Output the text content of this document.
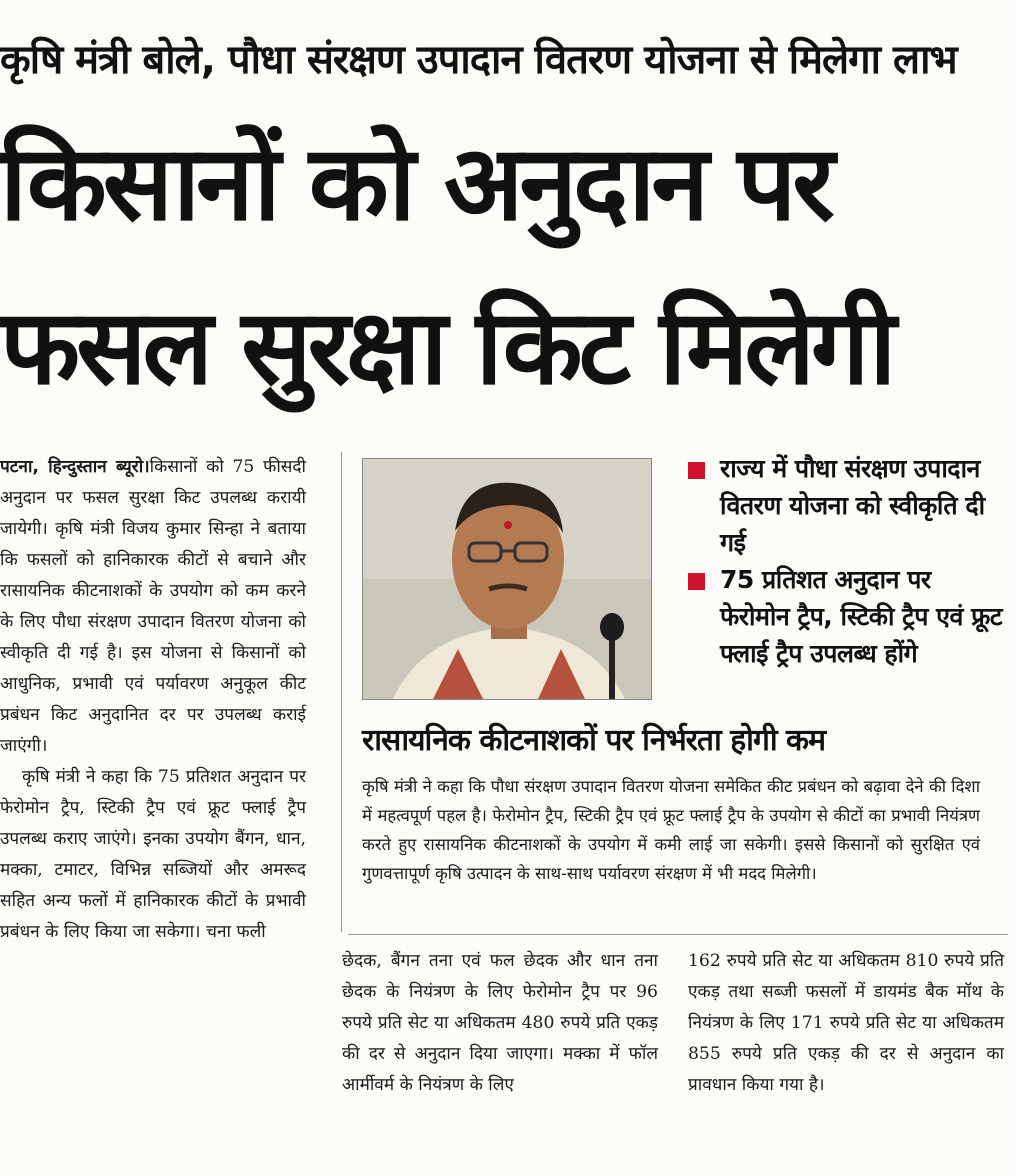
कृषि मंत्री बोले, पौधा संरक्षण उपादान वितरण योजना से मिलेगा लाभ
किसानों को अनुदान पर
फसल सुरक्षा किट मिलेगी

पटना, हिन्दुस्तान ब्यूरो।किसानों को 75 फीसदी अनुदान पर फसल सुरक्षा किट उपलब्ध करायी जायेगी। कृषि मंत्री विजय कुमार सिन्हा ने बताया कि फसलों को हानिकारक कीटों से बचाने और रासायनिक कीटनाशकों के उपयोग को कम करने के लिए पौधा संरक्षण उपादान वितरण योजना को स्वीकृति दी गई है। इस योजना से किसानों को आधुनिक, प्रभावी एवं पर्यावरण अनुकूल कीट प्रबंधन किट अनुदानित दर पर उपलब्ध कराई जाएंगी।

कृषि मंत्री ने कहा कि 75 प्रतिशत अनुदान पर फेरोमोन ट्रैप, स्टिकी ट्रैप एवं फ्रूट फ्लाई ट्रैप उपलब्ध कराए जाएंगे। इनका उपयोग बैंगन, धान, मक्का, टमाटर, विभिन्न सब्जियों और अमरूद सहित अन्य फलों में हानिकारक कीटों के प्रभावी प्रबंधन के लिए किया जा सकेगा। चना फली

राज्य में पौधा संरक्षण उपादान वितरण योजना को स्वीकृति दी गई
75 प्रतिशत अनुदान पर फेरोमोन ट्रैप, स्टिकी ट्रैप एवं फ्रूट फ्लाई ट्रैप उपलब्ध होंगे
रासायनिक कीटनाशकों पर निर्भरता होगी कम
कृषि मंत्री ने कहा कि पौधा संरक्षण उपादान वितरण योजना समेकित कीट प्रबंधन को बढ़ावा देने की दिशा में महत्वपूर्ण पहल है। फेरोमोन ट्रैप, स्टिकी ट्रैप एवं फ्रूट फ्लाई ट्रैप के उपयोग से कीटों का प्रभावी नियंत्रण करते हुए रासायनिक कीटनाशकों के उपयोग में कमी लाई जा सकेगी। इससे किसानों को सुरक्षित एवं गुणवत्तापूर्ण कृषि उत्पादन के साथ-साथ पर्यावरण संरक्षण में भी मदद मिलेगी।
छेदक, बैंगन तना एवं फल छेदक और धान तना छेदक के नियंत्रण के लिए फेरोमोन ट्रैप पर 96 रुपये प्रति सेट या अधिकतम 480 रुपये प्रति एकड़ की दर से अनुदान दिया जाएगा। मक्का में फॉल आर्मीवर्म के नियंत्रण के लिए
162 रुपये प्रति सेट या अधिकतम 810 रुपये प्रति एकड़ तथा सब्जी फसलों में डायमंड बैक मॉथ के नियंत्रण के लिए 171 रुपये प्रति सेट या अधिकतम 855 रुपये प्रति एकड़ की दर से अनुदान का प्रावधान किया गया है।
